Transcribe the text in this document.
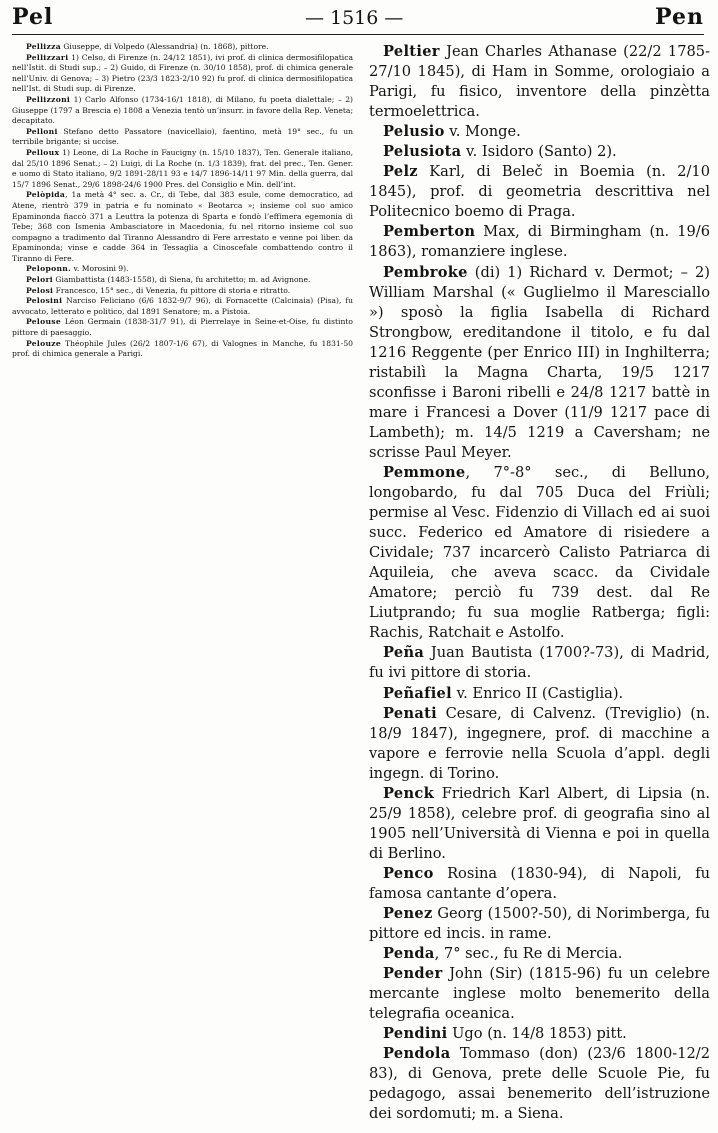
Pel	— 1516 —	Pen

Pellizza Giuseppe, di Volpedo (Alessandria) (n. 1868), pittore.

Pellizzari 1) Celso, di Firenze (n. 24/12 1851), ivi prof. di clinica dermosifilopatica nell’Istit. di Studi sup.; – 2) Guido, di Firenze (n. 30/10 1858), prof. di chimica generale nell’Univ. di Genova; – 3) Pietro (23/3 1823-2/10 92) fu prof. di clinica dermosifilopatica nell’Ist. di Studi sup. di Firenze.

Pellizzoni 1) Carlo Alfonso (1734-16/1 1818), di Milano, fu poeta dialettale; – 2) Giuseppe (1797 a Brescia e) 1808 a Venezia tentò un’insurr. in favore della Rep. Veneta; decapitato.

Pelloni Stefano detto Passatore (navicellaio), faentino, metà 19° sec., fu un terribile brigante; si uccise.

Pelloux 1) Leone, di La Roche in Faucigny (n. 15/10 1837), Ten. Generale italiano, dal 25/10 1896 Senat.; – 2) Luigi, di La Roche (n. 1/3 1839), frat. del prec., Ten. Gener. e uomo di Stato italiano, 9/2 1891-28/11 93 e 14/7 1896-14/11 97 Min. della guerra, dal 15/7 1896 Senat., 29/6 1898-24/6 1900 Pres. del Consiglio e Min. dell’int.

Pelòpida, 1a metà 4° sec. a. Cr., di Tebe, dal 383 esule, come democratico, ad Atene, rientrò 379 in patria e fu nominato « Beotarca »; insieme col suo amico Epaminonda fiaccò 371 a Leuttra la potenza di Sparta e fondò l’effimera egemonia di Tebe; 368 con Ismenia Ambasciatore in Macedonia, fu nel ritorno insieme col suo compagno a tradimento dal Tiranno Alessandro di Fere arrestato e venne poi liber. da Epaminonda; vinse e cadde 364 in Tessaglia a Cinoscefale combattendo contro il Tiranno di Fere.

Peloponn. v. Morosini 9).

Pelori Giambattista (1483-1558), di Siena, fu architetto; m. ad Avignone.

Pelosi Francesco, 15° sec., di Venezia, fu pittore di storia e ritratto.

Pelosini Narciso Feliciano (6/6 1832-9/7 96), di Fornacette (Calcinaia) (Pisa), fu avvocato, letterato e politico, dal 1891 Senatore; m. a Pistoia.

Pelouse Léon Germain (1838-31/7 91), di Pierrelaye in Seine-et-Oise, fu distinto pittore di paesaggio.

Pelouze Théophile Jules (26/2 1807-1/6 67), di Valognes in Manche, fu 1831-50 prof. di chimica generale a Parigi.

Peltier Jean Charles Athanase (22/2 1785-27/10 1845), di Ham in Somme, orologiaio a Parigi, fu fisico, inventore della pinzètta termoelettrica.

Pelusio v. Monge.

Pelusiota v. Isidoro (Santo) 2).

Pelz Karl, di Beleč in Boemia (n. 2/10 1845), prof. di geometria descrittiva nel Politecnico boemo di Praga.

Pemberton Max, di Birmingham (n. 19/6 1863), romanziere inglese.

Pembroke (di) 1) Richard v. Dermot; – 2) William Marshal (« Guglielmo il Maresciallo ») sposò la figlia Isabella di Richard Strongbow, ereditandone il titolo, e fu dal 1216 Reggente (per Enrico III) in Inghilterra; ristabilì la Magna Charta, 19/5 1217 sconfisse i Baroni ribelli e 24/8 1217 battè in mare i Francesi a Dover (11/9 1217 pace di Lambeth); m. 14/5 1219 a Caversham; ne scrisse Paul Meyer.

Pemmone, 7°-8° sec., di Belluno, longobardo, fu dal 705 Duca del Friùli; permise al Vesc. Fidenzio di Villach ed ai suoi succ. Federico ed Amatore di risiedere a Cividale; 737 incarcerò Calisto Patriarca di Aquileia, che aveva scacc. da Cividale Amatore; perciò fu 739 dest. dal Re Liutprando; fu sua moglie Ratberga; figli: Rachis, Ratchait e Astolfo.

Peña Juan Bautista (1700?-73), di Madrid, fu ivi pittore di storia.

Peñafiel v. Enrico II (Castiglia).

Penati Cesare, di Calvenz. (Treviglio) (n. 18/9 1847), ingegnere, prof. di macchine a vapore e ferrovie nella Scuola d’appl. degli ingegn. di Torino.

Penck Friedrich Karl Albert, di Lipsia (n. 25/9 1858), celebre prof. di geografia sino al 1905 nell’Università di Vienna e poi in quella di Berlino.

Penco Rosina (1830-94), di Napoli, fu famosa cantante d’opera.

Penez Georg (1500?-50), di Norimberga, fu pittore ed incis. in rame.

Penda, 7° sec., fu Re di Mercia.

Pender John (Sir) (1815-96) fu un celebre mercante inglese molto benemerito della telegrafia oceanica.

Pendini Ugo (n. 14/8 1853) pitt.

Pendola Tommaso (don) (23/6 1800-12/2 83), di Genova, prete delle Scuole Pie, fu pedagogo, assai benemerito dell’istruzione dei sordomuti; m. a Siena.
